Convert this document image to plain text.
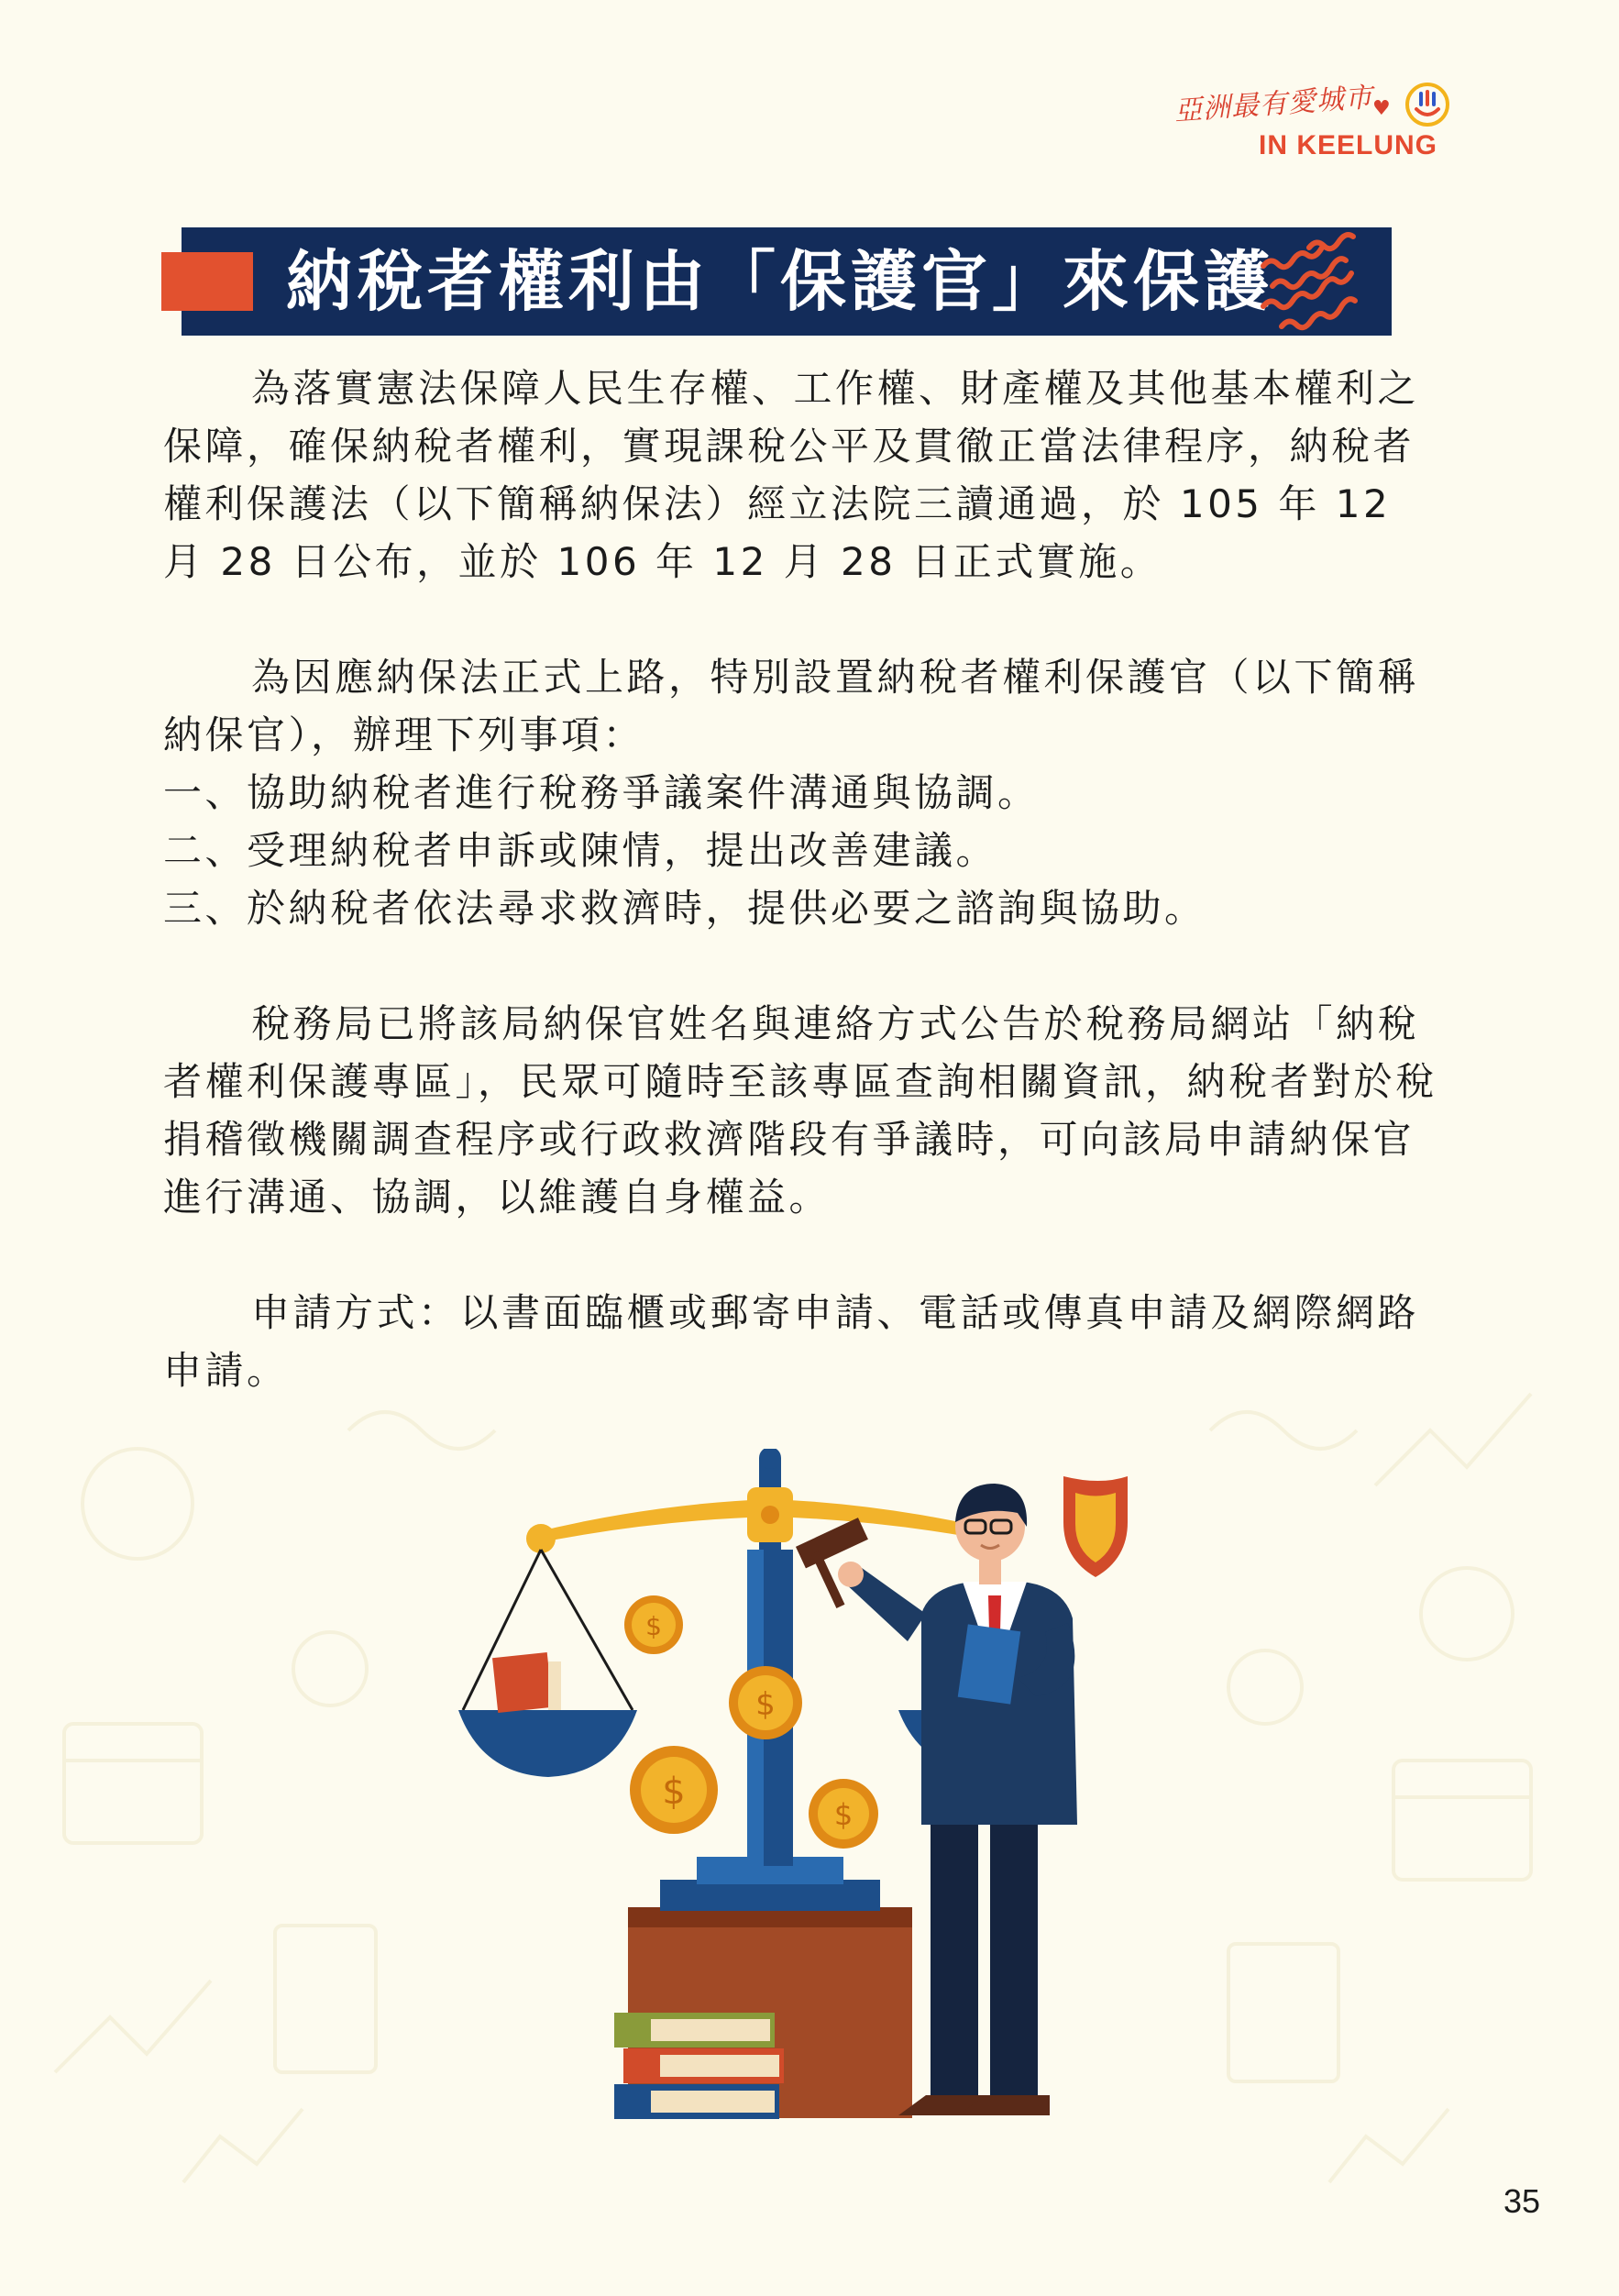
亞洲最有愛城市
♥
IN KEELUNG
納稅者權利由「保護官」來保護

為落實憲法保障人民生存權、工作權、財產權及其他基本權利之保障，確保納稅者權利，實現課稅公平及貫徹正當法律程序，納稅者權利保護法（以下簡稱納保法）經立法院三讀通過，於 105 年 12 月 28 日公布，並於 106 年 12 月 28 日正式實施。

為因應納保法正式上路，特別設置納稅者權利保護官（以下簡稱納保官），辦理下列事項：

一、協助納稅者進行稅務爭議案件溝通與協調。

二、受理納稅者申訴或陳情，提出改善建議。

三、於納稅者依法尋求救濟時，提供必要之諮詢與協助。

稅務局已將該局納保官姓名與連絡方式公告於稅務局網站「納稅者權利保護專區」，民眾可隨時至該專區查詢相關資訊，納稅者對於稅捐稽徵機關調查程序或行政救濟階段有爭議時，可向該局申請納保官進行溝通、協調，以維護自身權益。

申請方式：以書面臨櫃或郵寄申請、電話或傳真申請及網際網路申請。

$
$
$
$
35
